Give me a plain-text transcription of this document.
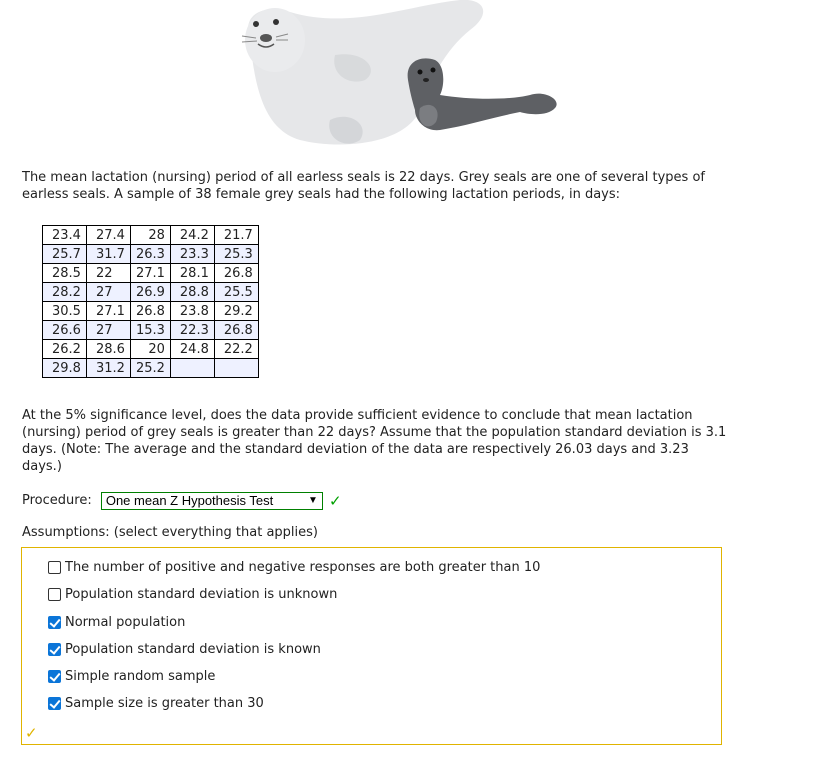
The mean lactation (nursing) period of all earless seals is 22 days. Grey seals are one of several types of earless seals. A sample of 38 female grey seals had the following lactation periods, in days:

23.4	27.4	28	24.2	21.7
25.7	31.7	26.3	23.3	25.3
28.5	22	27.1	28.1	26.8
28.2	27	26.9	28.8	25.5
30.5	27.1	26.8	23.8	29.2
26.6	27	15.3	22.3	26.8
26.2	28.6	20	24.8	22.2
29.8	31.2	25.2		

At the 5% significance level, does the data provide sufficient evidence to conclude that mean lactation (nursing) period of grey seals is greater than 22 days? Assume that the population standard deviation is 3.1 days. (Note: The average and the standard deviation of the data are respectively 26.03 days and 3.23 days.)

Procedure: One mean Z Hypothesis Test	▼ ✓
Assumptions: (select everything that applies)
The number of positive and negative responses are both greater than 10
Population standard deviation is unknown
Normal population
Population standard deviation is known
Simple random sample
Sample size is greater than 30
✓
